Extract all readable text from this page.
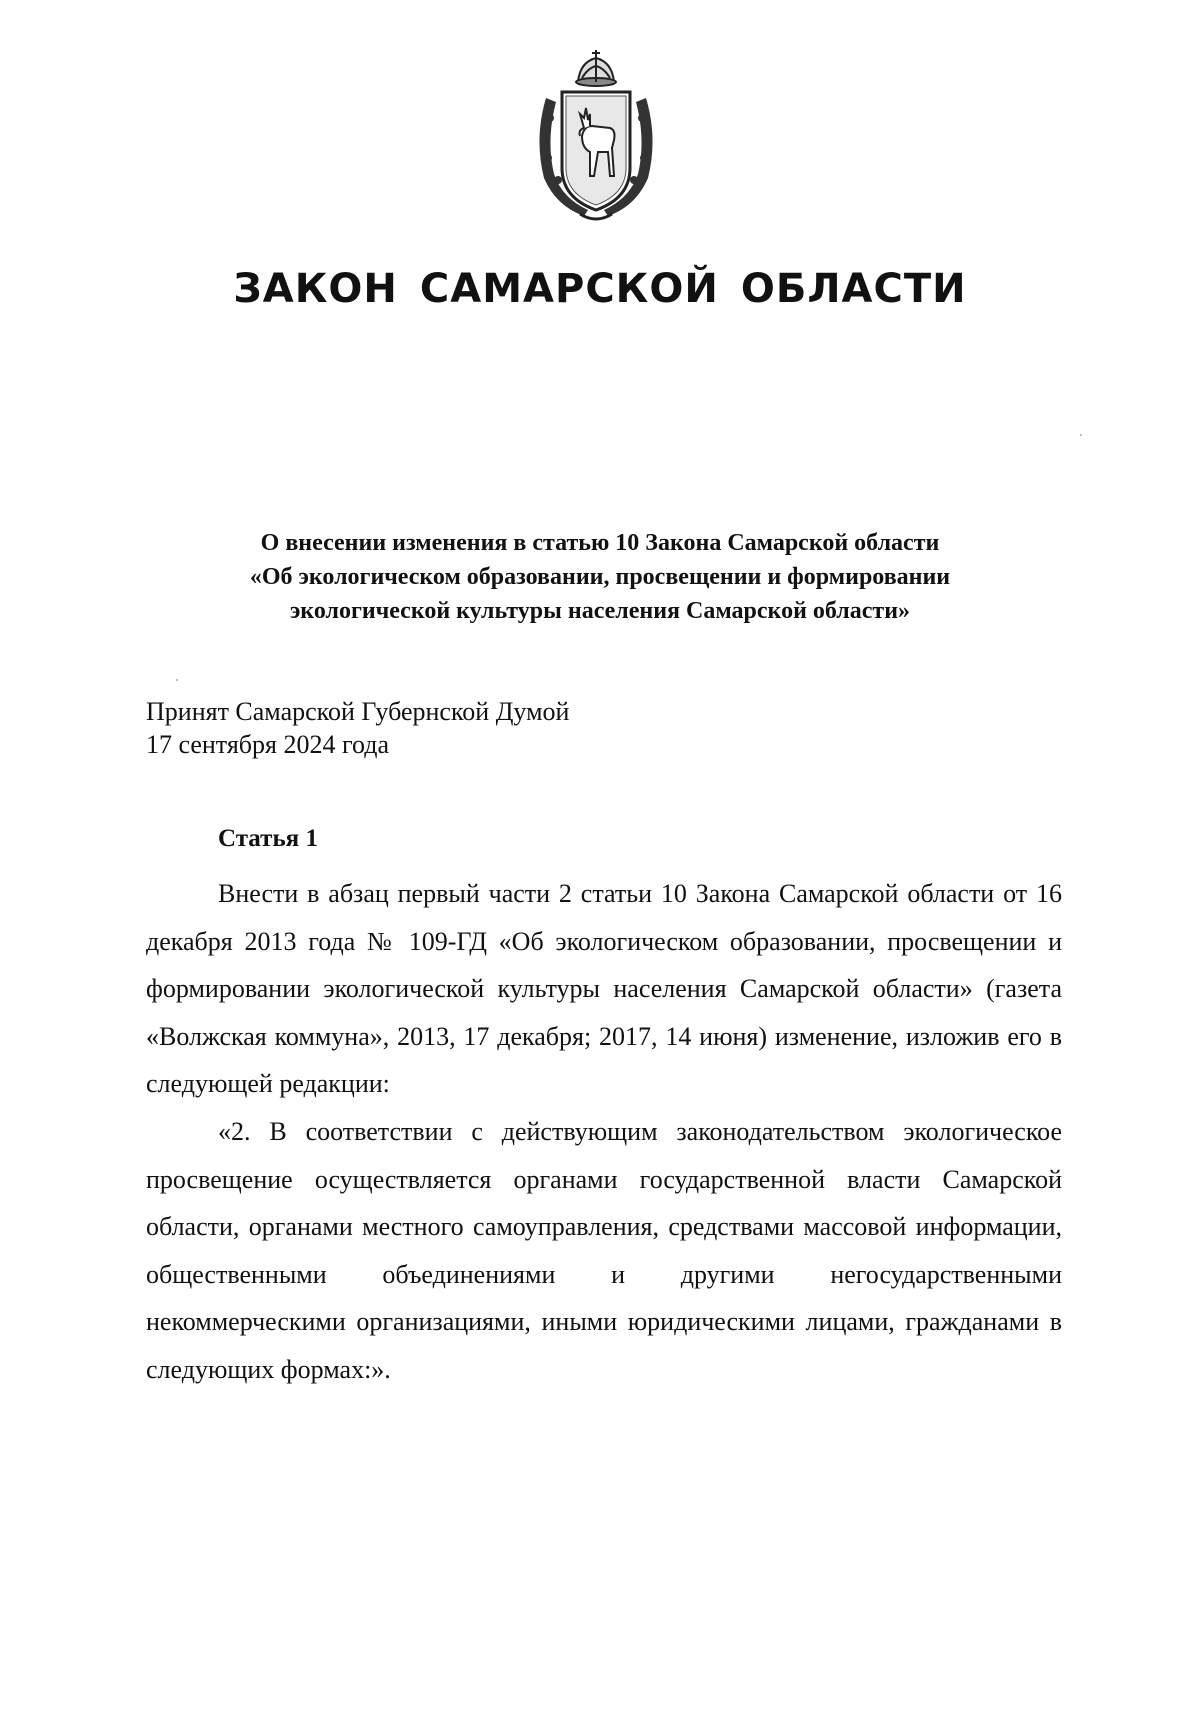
ЗАКОН САМАРСКОЙ ОБЛАСТИ
О внесении изменения в статью 10 Закона Самарской области
«Об экологическом образовании, просвещении и формировании
экологической культуры населения Самарской области»
Принят Самарской Губернской Думой
17 сентября 2024 года
Статья 1

Внести в абзац первый части 2 статьи 10 Закона Самарской области от 16 декабря 2013 года № 109-ГД «Об экологическом образовании, просвещении и формировании экологической культуры населения Самарской области» (газета «Волжская коммуна», 2013, 17 декабря; 2017, 14 июня) изменение, изложив его в следующей редакции:

«2. В соответствии с действующим законодательством экологическое просвещение осуществляется органами государственной власти Самарской области, органами местного самоуправления, средствами массовой информации, общественными объединениями и другими негосударственными некоммерческими организациями, иными юридическими лицами, гражданами в следующих формах:».
